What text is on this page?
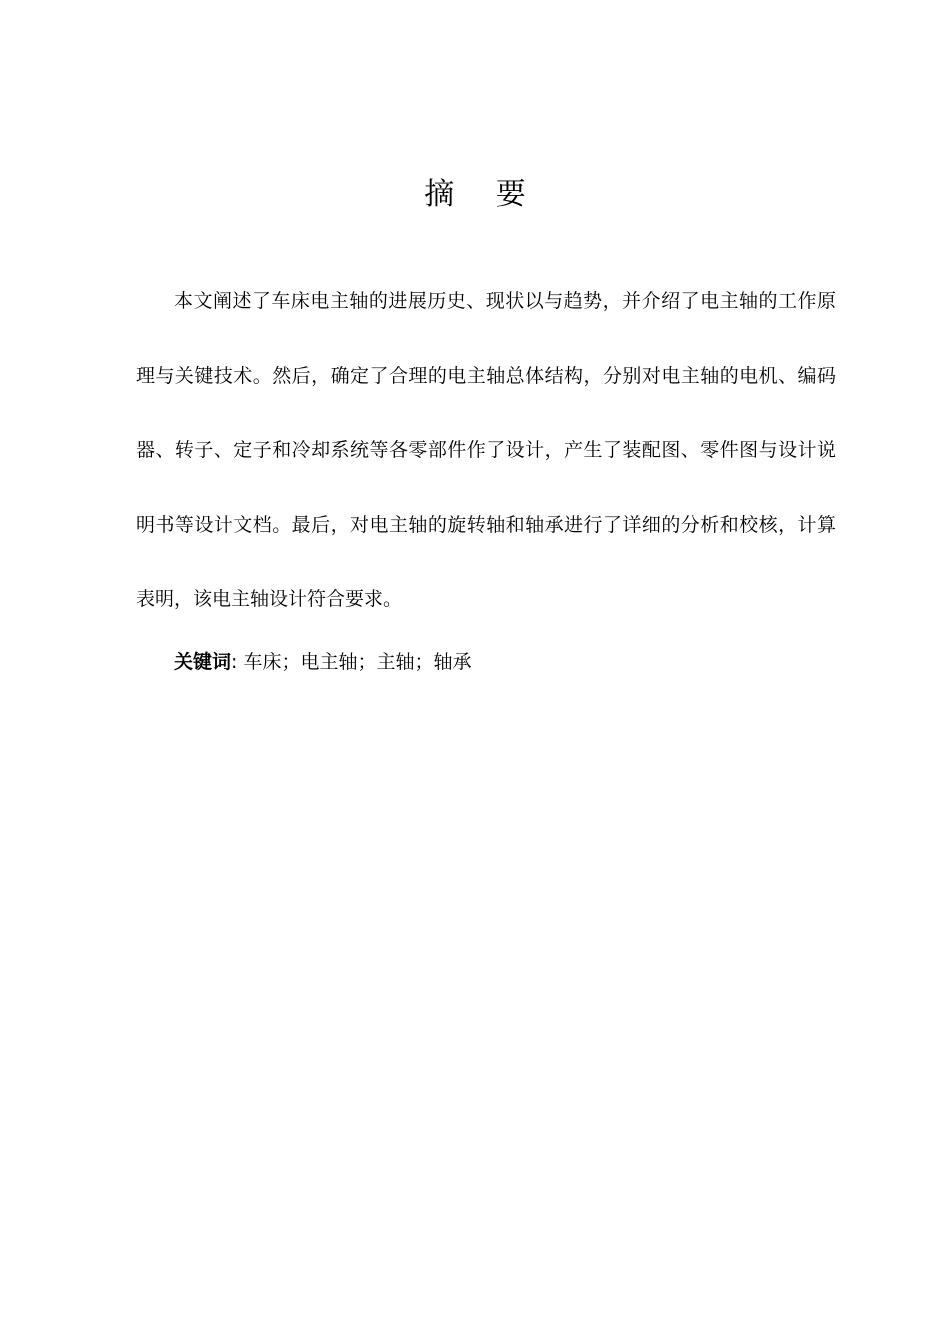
摘 要

本文阐述了车床电主轴的进展历史、现状以与趋势，并介绍了电主轴的工作原理与关键技术。然后，确定了合理的电主轴总体结构，分别对电主轴的电机、编码器、转子、定子和冷却系统等各零部件作了设计，产生了装配图、零件图与设计说明书等设计文档。最后，对电主轴的旋转轴和轴承进行了详细的分析和校核，计算表明，该电主轴设计符合要求。

关键词: 车床；电主轴；主轴；轴承
